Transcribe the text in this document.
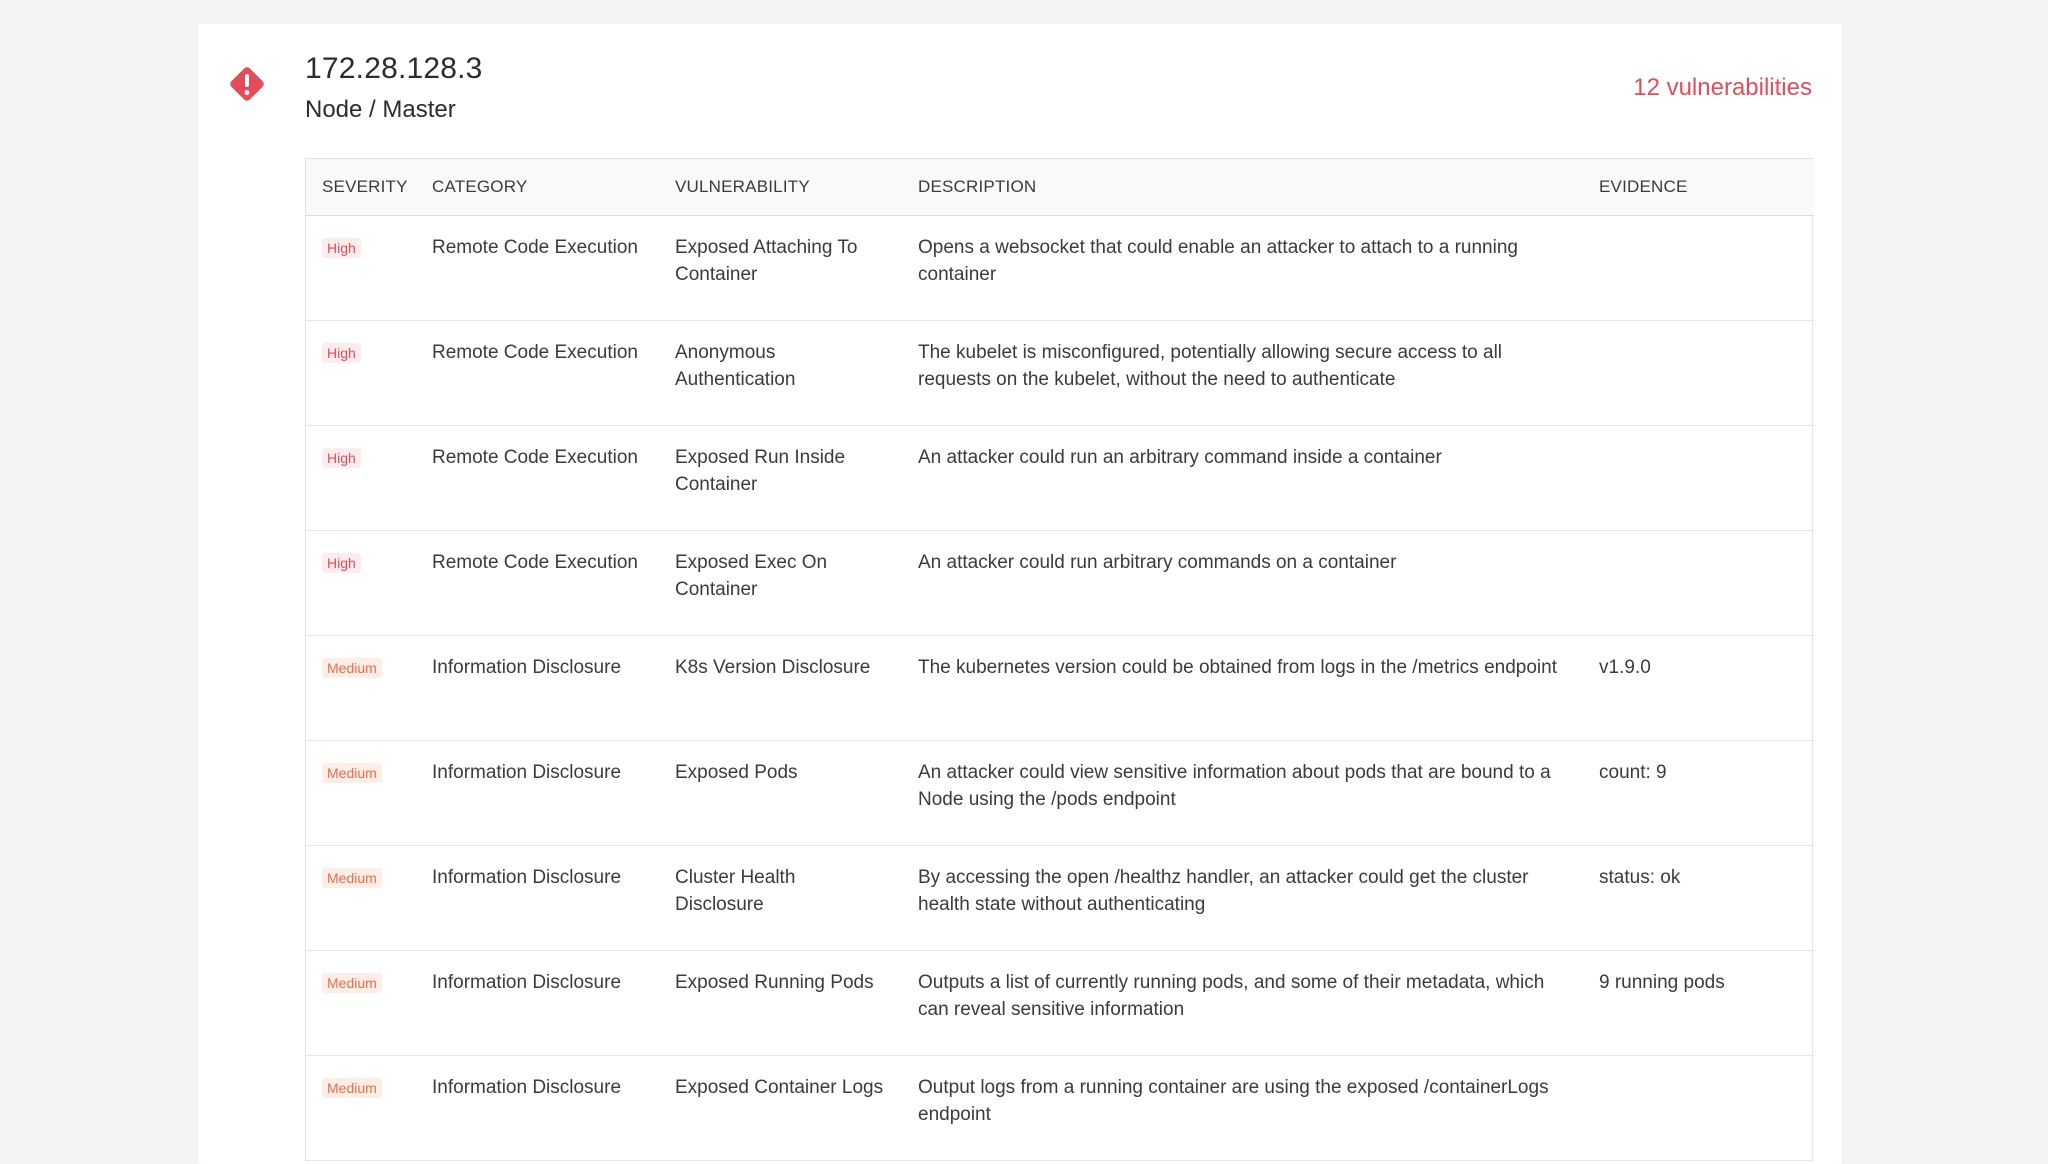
172.28.128.3
Node / Master
12 vulnerabilities
SEVERITY	CATEGORY	VULNERABILITY	DESCRIPTION	EVIDENCE
High	Remote Code Execution	Exposed Attaching To Container	Opens a websocket that could enable an attacker to attach to a running container	
High	Remote Code Execution	Anonymous Authentication	The kubelet is misconfigured, potentially allowing secure access to all requests on the kubelet, without the need to authenticate	
High	Remote Code Execution	Exposed Run Inside Container	An attacker could run an arbitrary command inside a container	
High	Remote Code Execution	Exposed Exec On Container	An attacker could run arbitrary commands on a container	
Medium	Information Disclosure	K8s Version Disclosure	The kubernetes version could be obtained from logs in the /metrics endpoint	v1.9.0
Medium	Information Disclosure	Exposed Pods	An attacker could view sensitive information about pods that are bound to a Node using the /pods endpoint	count: 9
Medium	Information Disclosure	Cluster Health Disclosure	By accessing the open /healthz handler, an attacker could get the cluster health state without authenticating	status: ok
Medium	Information Disclosure	Exposed Running Pods	Outputs a list of currently running pods, and some of their metadata, which can reveal sensitive information	9 running pods
Medium	Information Disclosure	Exposed Container Logs	Output logs from a running container are using the exposed /containerLogs endpoint	
